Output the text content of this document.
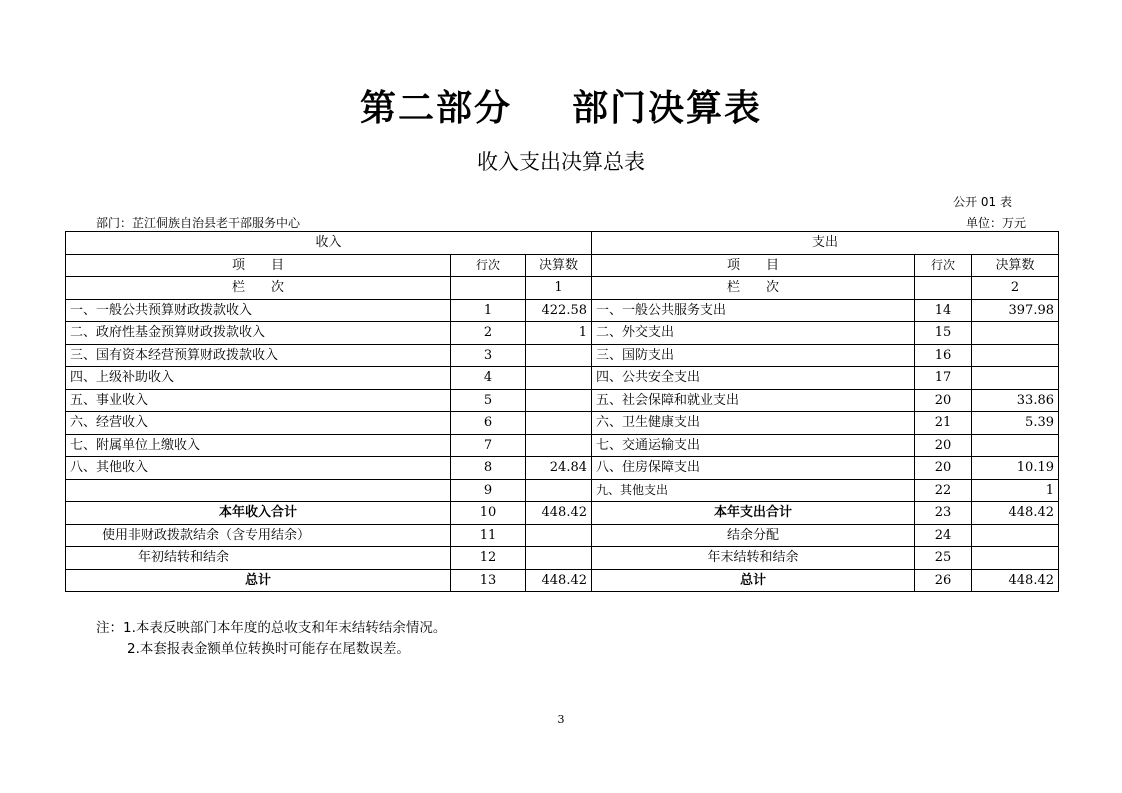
第二部分 部门决算表
收入支出决算总表
公开 01 表
部门：芷江侗族自治县老干部服务中心	单位：万元
收入			支出		
项　　目	行次	决算数	项　　目	行次	决算数
栏　　次		1	栏　　次		2
一、一般公共预算财政拨款收入	1	422.58	一、一般公共服务支出	14	397.98
二、政府性基金预算财政拨款收入	2	1	二、外交支出	15	
三、国有资本经营预算财政拨款收入	3		三、国防支出	16	
四、上级补助收入	4		四、公共安全支出	17	
五、事业收入	5		五、社会保障和就业支出	20	33.86
六、经营收入	6		六、卫生健康支出	21	5.39
七、附属单位上缴收入	7		七、交通运输支出	20	
八、其他收入	8	24.84	八、住房保障支出	20	10.19
	9		九、其他支出	22	1
本年收入合计	10	448.42	本年支出合计	23	448.42
使用非财政拨款结余（含专用结余）	11		结余分配	24	
年初结转和结余	12		年末结转和结余	25	
总计	13	448.42	总计	26	448.42
注：1.本表反映部门本年度的总收支和年末结转结余情况。
2.本套报表金额单位转换时可能存在尾数误差。
3
